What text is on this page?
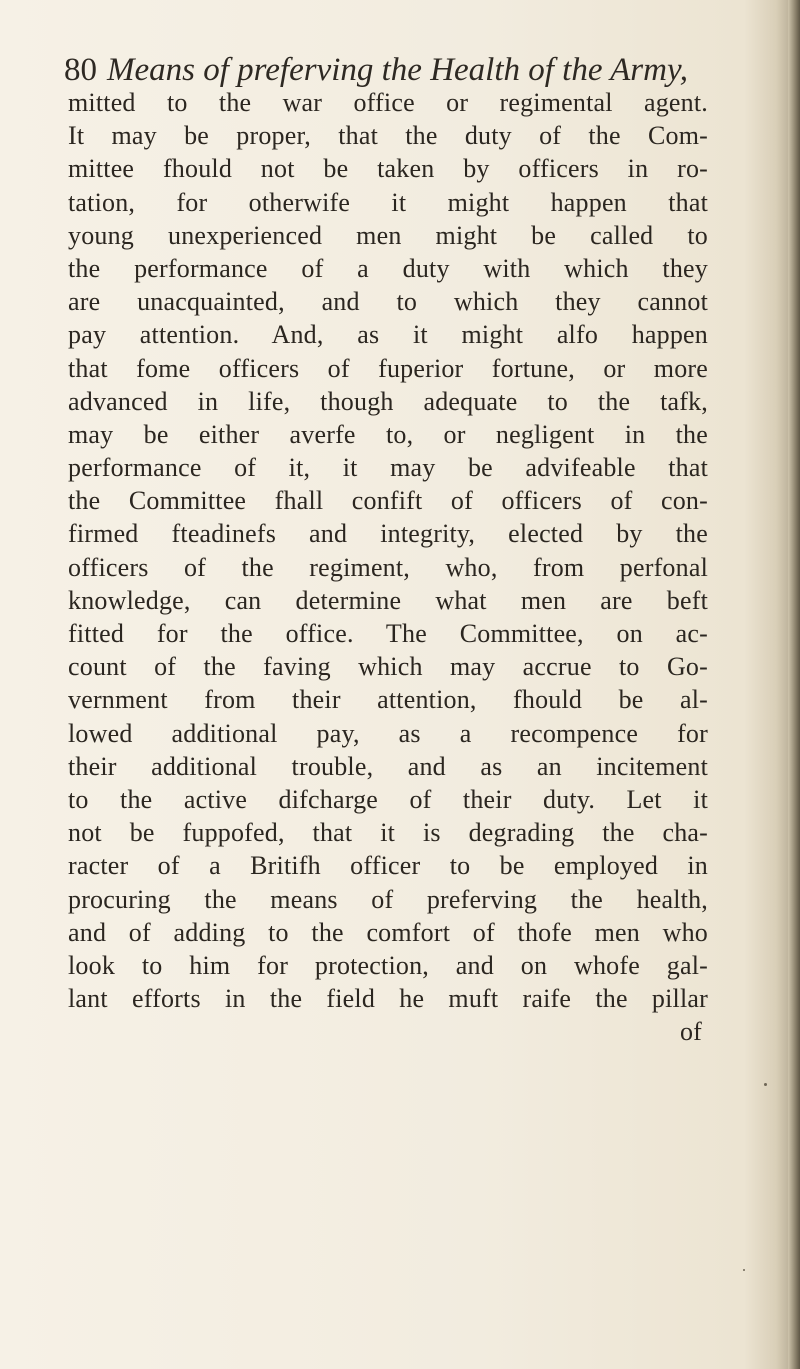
80 Means of preferving the Health of the Army,
mitted to the war office or regimental agent.
It may be proper, that the duty of the Com-
mittee fhould not be taken by officers in ro-
tation, for otherwife it might happen that
young unexperienced men might be called to
the performance of a duty with which they
are unacquainted, and to which they cannot
pay attention. And, as it might alfo happen
that fome officers of fuperior fortune, or more
advanced in life, though adequate to the tafk,
may be either averfe to, or negligent in the
performance of it, it may be advifeable that
the Committee fhall confift of officers of con-
firmed fteadinefs and integrity, elected by the
officers of the regiment, who, from perfonal
knowledge, can determine what men are beft
fitted for the office. The Committee, on ac-
count of the faving which may accrue to Go-
vernment from their attention, fhould be al-
lowed additional pay, as a recompence for
their additional trouble, and as an incitement
to the active difcharge of their duty. Let it
not be fuppofed, that it is degrading the cha-
racter of a Britifh officer to be employed in
procuring the means of preferving the health,
and of adding to the comfort of thofe men who
look to him for protection, and on whofe gal-
lant efforts in the field he muft raife the pillar
of
